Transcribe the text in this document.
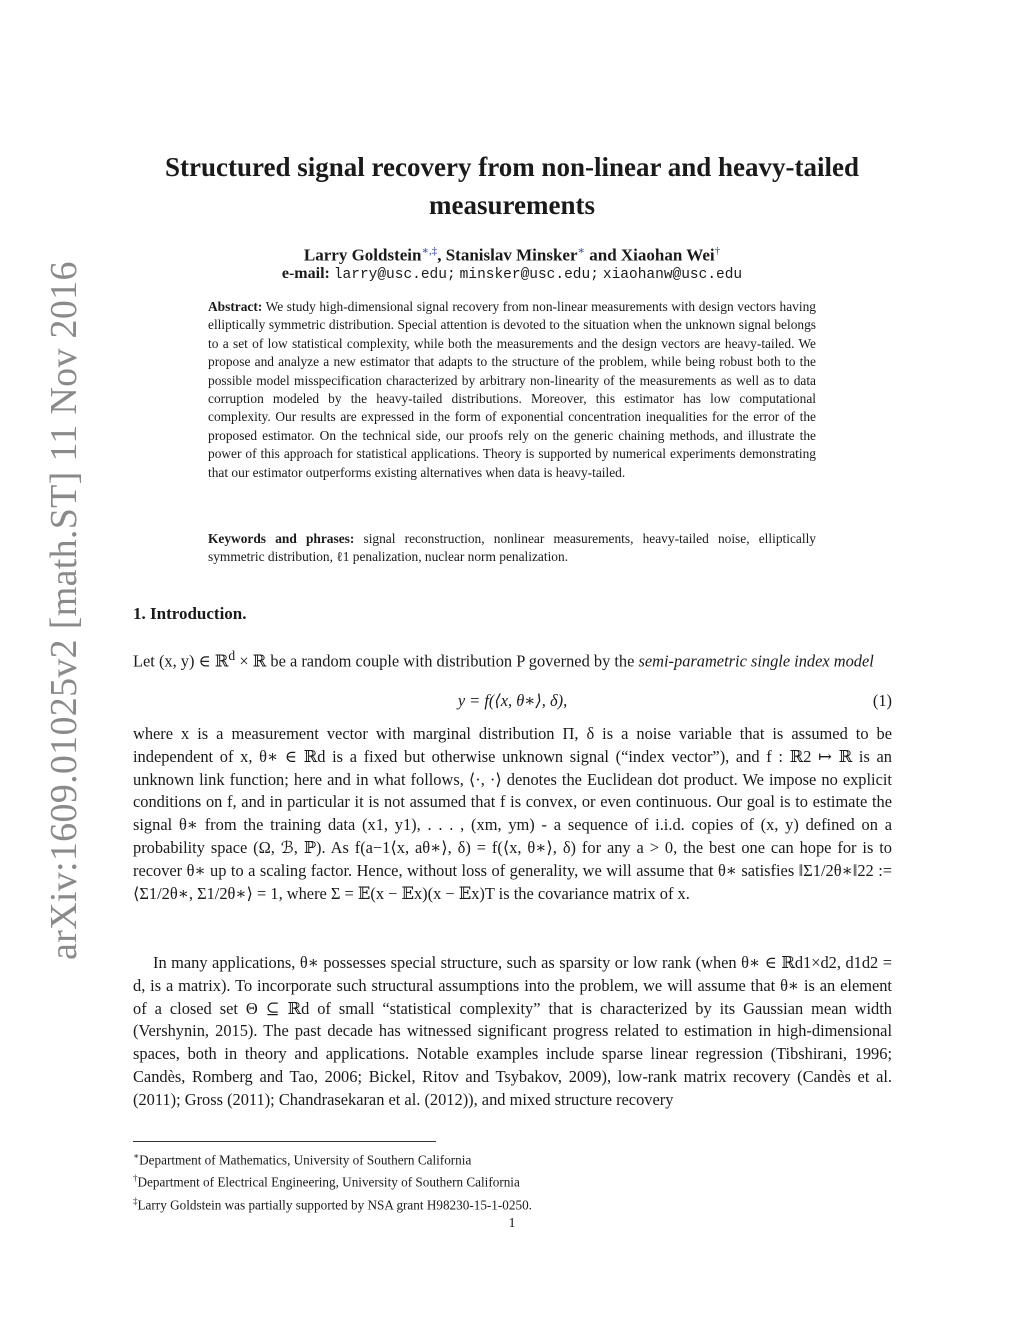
arXiv:1609.01025v2 [math.ST] 11 Nov 2016
Structured signal recovery from non-linear and heavy-tailed measurements
Larry Goldstein∗,‡, Stanislav Minsker∗ and Xiaohan Wei†
e-mail: larry@usc.edu; minsker@usc.edu; xiaohanw@usc.edu
Abstract: We study high-dimensional signal recovery from non-linear measurements with design vectors having elliptically symmetric distribution. Special attention is devoted to the situation when the unknown signal belongs to a set of low statistical complexity, while both the measurements and the design vectors are heavy-tailed. We propose and analyze a new estimator that adapts to the structure of the problem, while being robust both to the possible model misspecification characterized by arbitrary non-linearity of the measurements as well as to data corruption modeled by the heavy-tailed distributions. Moreover, this estimator has low computational complexity. Our results are expressed in the form of exponential concentration inequalities for the error of the proposed estimator. On the technical side, our proofs rely on the generic chaining methods, and illustrate the power of this approach for statistical applications. Theory is supported by numerical experiments demonstrating that our estimator outperforms existing alternatives when data is heavy-tailed.
Keywords and phrases: signal reconstruction, nonlinear measurements, heavy-tailed noise, elliptically symmetric distribution, ℓ1 penalization, nuclear norm penalization.
1. Introduction.

Let (x, y) ∈ ℝ$^d$ × ℝ be a random couple with distribution P governed by the semi-parametric single index model

y = f(⟨x, θ∗⟩, δ),	(1)

where x is a measurement vector with marginal distribution Π, δ is a noise variable that is assumed to be independent of x, θ∗ ∈ ℝd is a fixed but otherwise unknown signal (“index vector”), and f : ℝ2 ↦ ℝ is an unknown link function; here and in what follows, ⟨·, ·⟩ denotes the Euclidean dot product. We impose no explicit conditions on f, and in particular it is not assumed that f is convex, or even continuous. Our goal is to estimate the signal θ∗ from the training data (x1, y1), . . . , (xm, ym) - a sequence of i.i.d. copies of (x, y) defined on a probability space (Ω, ℬ, ℙ). As f(a−1⟨x, aθ∗⟩, δ) = f(⟨x, θ∗⟩, δ) for any a > 0, the best one can hope for is to recover θ∗ up to a scaling factor. Hence, without loss of generality, we will assume that θ∗ satisfies ‖Σ1/2θ∗‖22 := ⟨Σ1/2θ∗, Σ1/2θ∗⟩ = 1, where Σ = 𝔼(x − 𝔼x)(x − 𝔼x)T is the covariance matrix of x.

In many applications, θ∗ possesses special structure, such as sparsity or low rank (when θ∗ ∈ ℝd1×d2, d1d2 = d, is a matrix). To incorporate such structural assumptions into the problem, we will assume that θ∗ is an element of a closed set Θ ⊆ ℝd of small “statistical complexity” that is characterized by its Gaussian mean width (Vershynin, 2015). The past decade has witnessed significant progress related to estimation in high-dimensional spaces, both in theory and applications. Notable examples include sparse linear regression (Tibshirani, 1996; Candès, Romberg and Tao, 2006; Bickel, Ritov and Tsybakov, 2009), low-rank matrix recovery (Candès et al. (2011); Gross (2011); Chandrasekaran et al. (2012)), and mixed structure recovery

∗Department of Mathematics, University of Southern California
†Department of Electrical Engineering, University of Southern California
‡Larry Goldstein was partially supported by NSA grant H98230-15-1-0250.
1
